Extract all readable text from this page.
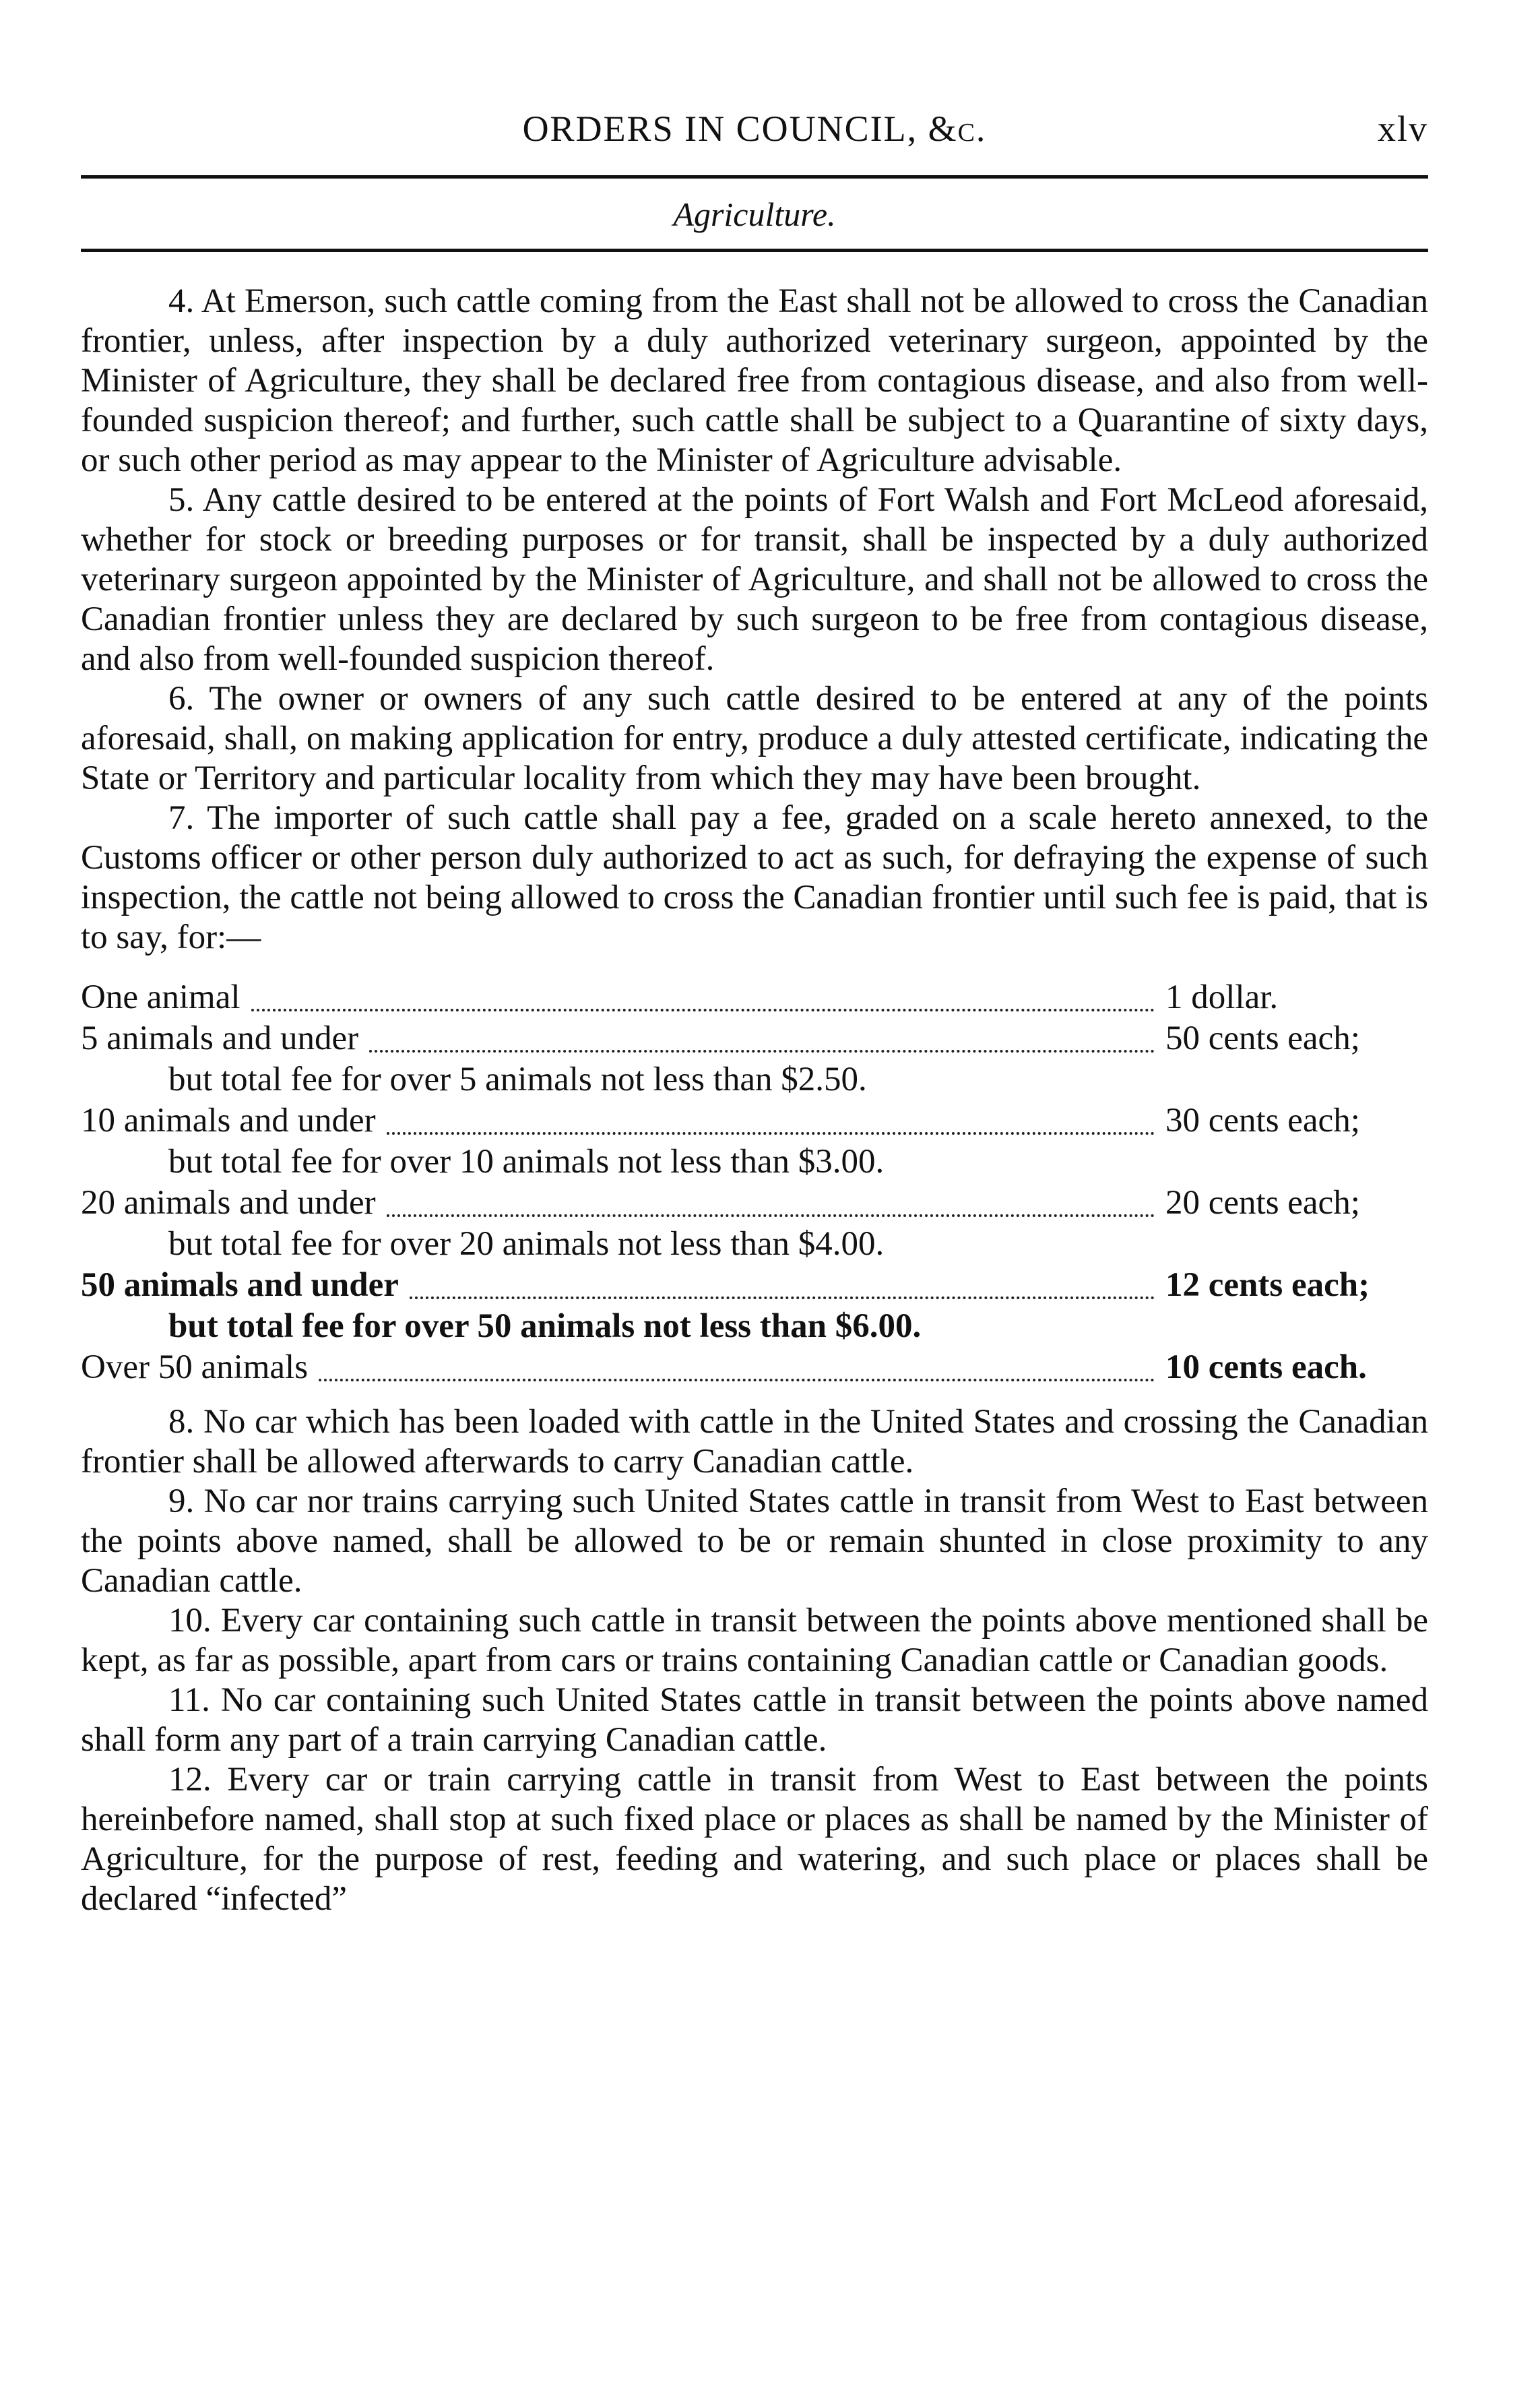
ORDERS IN COUNCIL, &c.	xlv
Agriculture.

4. At Emerson, such cattle coming from the East shall not be allowed to cross the Canadian frontier, unless, after inspection by a duly authorized veterinary surgeon, appointed by the Minister of Agriculture, they shall be declared free from contagious disease, and also from well-founded suspicion thereof; and further, such cattle shall be subject to a Quarantine of sixty days, or such other period as may appear to the Minister of Agriculture advisable.

5. Any cattle desired to be entered at the points of Fort Walsh and Fort McLeod aforesaid, whether for stock or breeding purposes or for transit, shall be inspected by a duly authorized veterinary surgeon appointed by the Minister of Agriculture, and shall not be allowed to cross the Canadian frontier unless they are declared by such surgeon to be free from contagious disease, and also from well-founded suspicion thereof.

6. The owner or owners of any such cattle desired to be entered at any of the points aforesaid, shall, on making application for entry, produce a duly attested certificate, indicating the State or Territory and particular locality from which they may have been brought.

7. The importer of such cattle shall pay a fee, graded on a scale hereto annexed, to the Customs officer or other person duly authorized to act as such, for defraying the expense of such inspection, the cattle not being allowed to cross the Canadian frontier until such fee is paid, that is to say, for:—

One animal	1 dollar.
5 animals and under	50 cents each;
but total fee for over 5 animals not less than $2.50.
10 animals and under	30 cents each;
but total fee for over 10 animals not less than $3.00.
20 animals and under	20 cents each;
but total fee for over 20 animals not less than $4.00.
50 animals and under	12 cents each;
but total fee for over 50 animals not less than $6.00.
Over 50 animals	10 cents each.

8. No car which has been loaded with cattle in the United States and crossing the Canadian frontier shall be allowed afterwards to carry Canadian cattle.

9. No car nor trains carrying such United States cattle in transit from West to East between the points above named, shall be allowed to be or remain shunted in close proximity to any Canadian cattle.

10. Every car containing such cattle in transit between the points above mentioned shall be kept, as far as possible, apart from cars or trains containing Canadian cattle or Canadian goods.

11. No car containing such United States cattle in transit between the points above named shall form any part of a train carrying Canadian cattle.

12. Every car or train carrying cattle in transit from West to East between the points hereinbefore named, shall stop at such fixed place or places as shall be named by the Minister of Agriculture, for the purpose of rest, feeding and watering, and such place or places shall be declared “infected”
